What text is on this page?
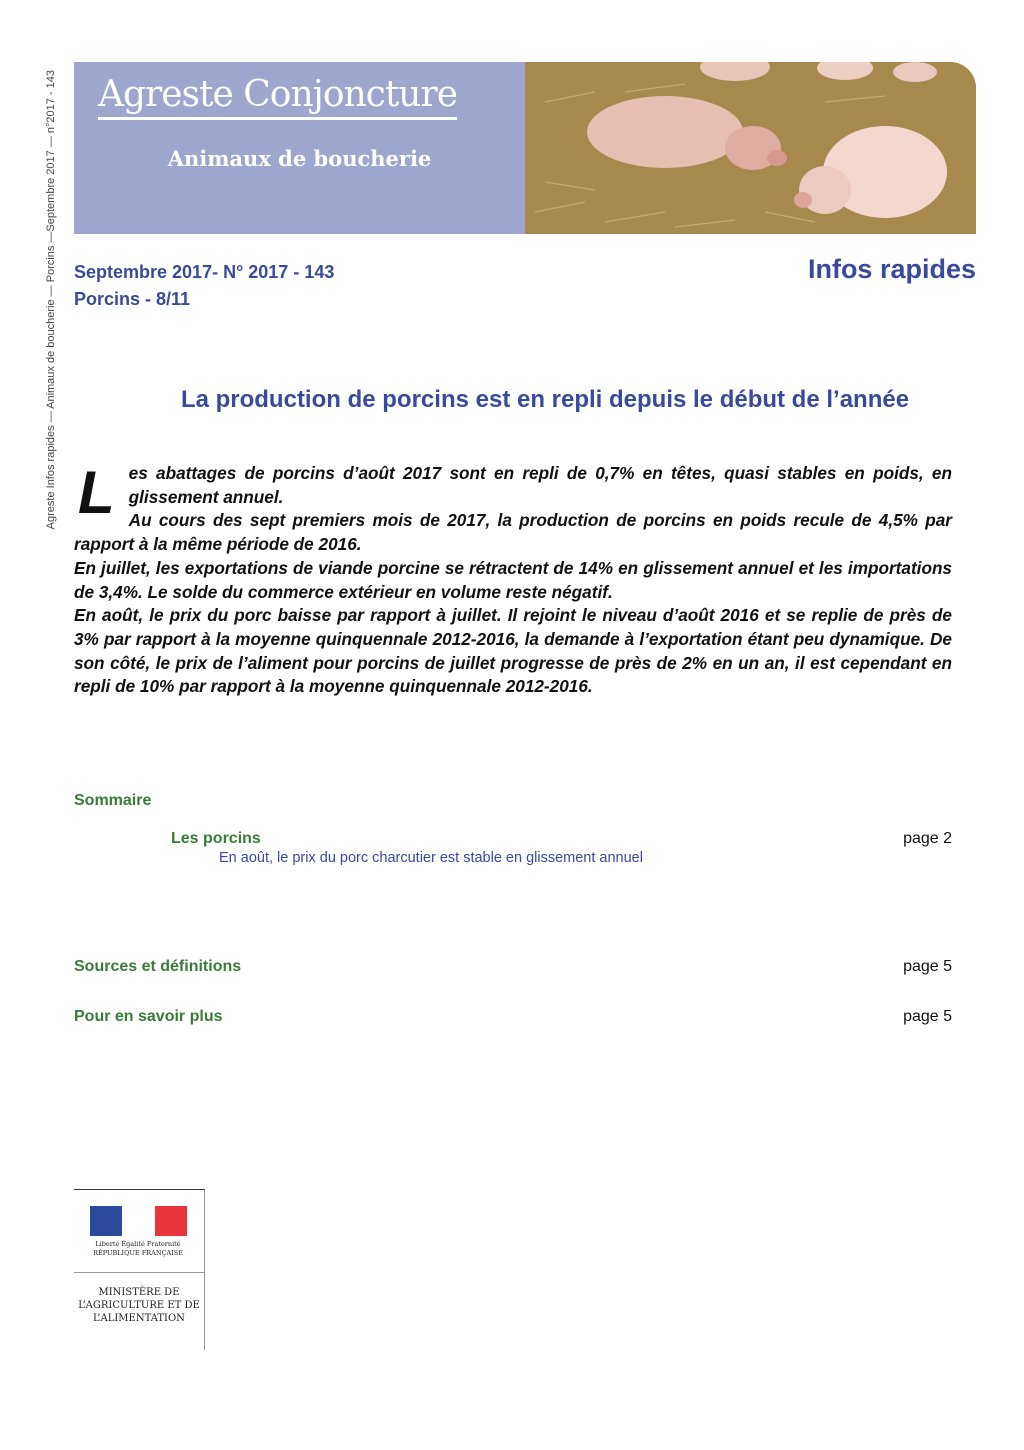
Agreste Infos rapides — Animaux de boucherie — Porcins —Septembre 2017 — n°2017 - 143 Agreste Conjoncture
Animaux de boucherie
Septembre 2017- N° 2017 - 143
Porcins - 8/11
Infos rapides
La production de porcins est en repli depuis le début de l’année
L es abattages de porcins d’août 2017 sont en repli de 0,7% en têtes, quasi stables en poids, en glissement annuel.

Au cours des sept premiers mois de 2017, la production de porcins en poids recule de 4,5% par rapport à la même période de 2016.

En juillet, les exportations de viande porcine se rétractent de 14% en glissement annuel et les importations de 3,4%. Le solde du commerce extérieur en volume reste négatif.

En août, le prix du porc baisse par rapport à juillet. Il rejoint le niveau d’août 2016 et se replie de près de 3% par rapport à la moyenne quinquennale 2012-2016, la demande à l’exportation étant peu dynamique. De son côté, le prix de l’aliment pour porcins de juillet progresse de près de 2% en un an, il est cependant en repli de 10% par rapport à la moyenne quinquennale 2012-2016.

Sommaire
Les porcins
En août, le prix du porc charcutier est stable en glissement annuel
page 2
Sources et définitions	page 5
Pour en savoir plus	page 5
Liberté Égalité Fraternité RÉPUBLIQUE FRANÇAISE
MINISTÈRE DE L’AGRICULTURE ET DE L’ALIMENTATION
